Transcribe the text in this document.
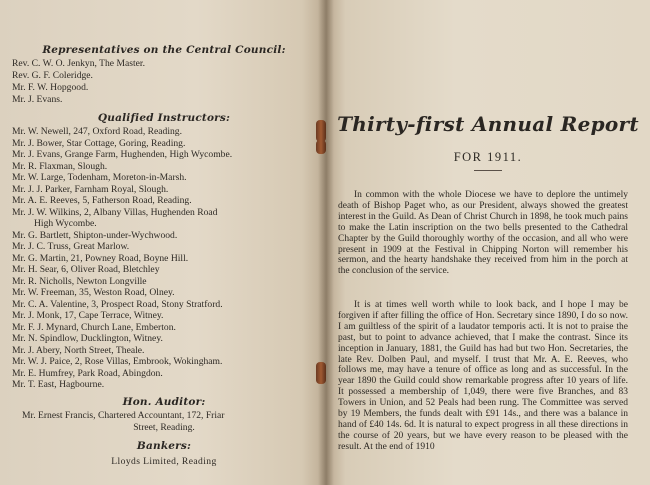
Representatives on the Central Council:
Rev. C. W. O. Jenkyn, The Master.
Rev. G. F. Coleridge.
Mr. F. W. Hopgood.
Mr. J. Evans.
Qualified Instructors:
Mr. W. Newell, 247, Oxford Road, Reading.
Mr. J. Bower, Star Cottage, Goring, Reading.
Mr. J. Evans, Grange Farm, Hughenden, High Wycombe.
Mr. R. Flaxman, Slough.
Mr. W. Large, Todenham, Moreton-in-Marsh.
Mr. J. J. Parker, Farnham Royal, Slough.
Mr. A. E. Reeves, 5, Fatherson Road, Reading.
Mr. J. W. Wilkins, 2, Albany Villas, Hughenden Road
High Wycombe.
Mr. G. Bartlett, Shipton-under-Wychwood.
Mr. J. C. Truss, Great Marlow.
Mr. G. Martin, 21, Powney Road, Boyne Hill.
Mr. H. Sear, 6, Oliver Road, Bletchley
Mr. R. Nicholls, Newton Longville
Mr. W. Freeman, 35, Weston Road, Olney.
Mr. C. A. Valentine, 3, Prospect Road, Stony Stratford.
Mr. J. Monk, 17, Cape Terrace, Witney.
Mr. F. J. Mynard, Church Lane, Emberton.
Mr. N. Spindlow, Ducklington, Witney.
Mr. J. Abery, North Street, Theale.
Mr. W. J. Paice, 2, Rose Villas, Embrook, Wokingham.
Mr. E. Humfrey, Park Road, Abingdon.
Mr. T. East, Hagbourne.
Hon. Auditor:
Mr. Ernest Francis, Chartered Accountant, 172, Friar
Street, Reading.
Bankers:
Lloyds Limited, Reading
Thirty-first Annual Report
FOR 1911.

In common with the whole Diocese we have to deplore the untimely death of Bishop Paget who, as our President, always showed the greatest interest in the Guild. As Dean of Christ Church in 1898, he took much pains to make the Latin inscription on the two bells presented to the Cathedral Chapter by the Guild thoroughly worthy of the occasion, and all who were present in 1909 at the Festival in Chipping Norton will remember his sermon, and the hearty handshake they received from him in the porch at the conclusion of the service.

It is at times well worth while to look back, and I hope I may be forgiven if after filling the office of Hon. Secretary since 1890, I do so now. I am guiltless of the spirit of a laudator temporis acti. It is not to praise the past, but to point to advance achieved, that I make the contrast. Since its inception in January, 1881, the Guild has had but two Hon. Secretaries, the late Rev. Dolben Paul, and myself. I trust that Mr. A. E. Reeves, who follows me, may have a tenure of office as long and as successful. In the year 1890 the Guild could show remarkable progress after 10 years of life. It possessed a membership of 1,049, there were five Branches, and 83 Towers in Union, and 52 Peals had been rung. The Committee was served by 19 Members, the funds dealt with £91 14s., and there was a balance in hand of £40 14s. 6d. It is natural to expect progress in all these directions in the course of 20 years, but we have every reason to be pleased with the result. At the end of 1910
